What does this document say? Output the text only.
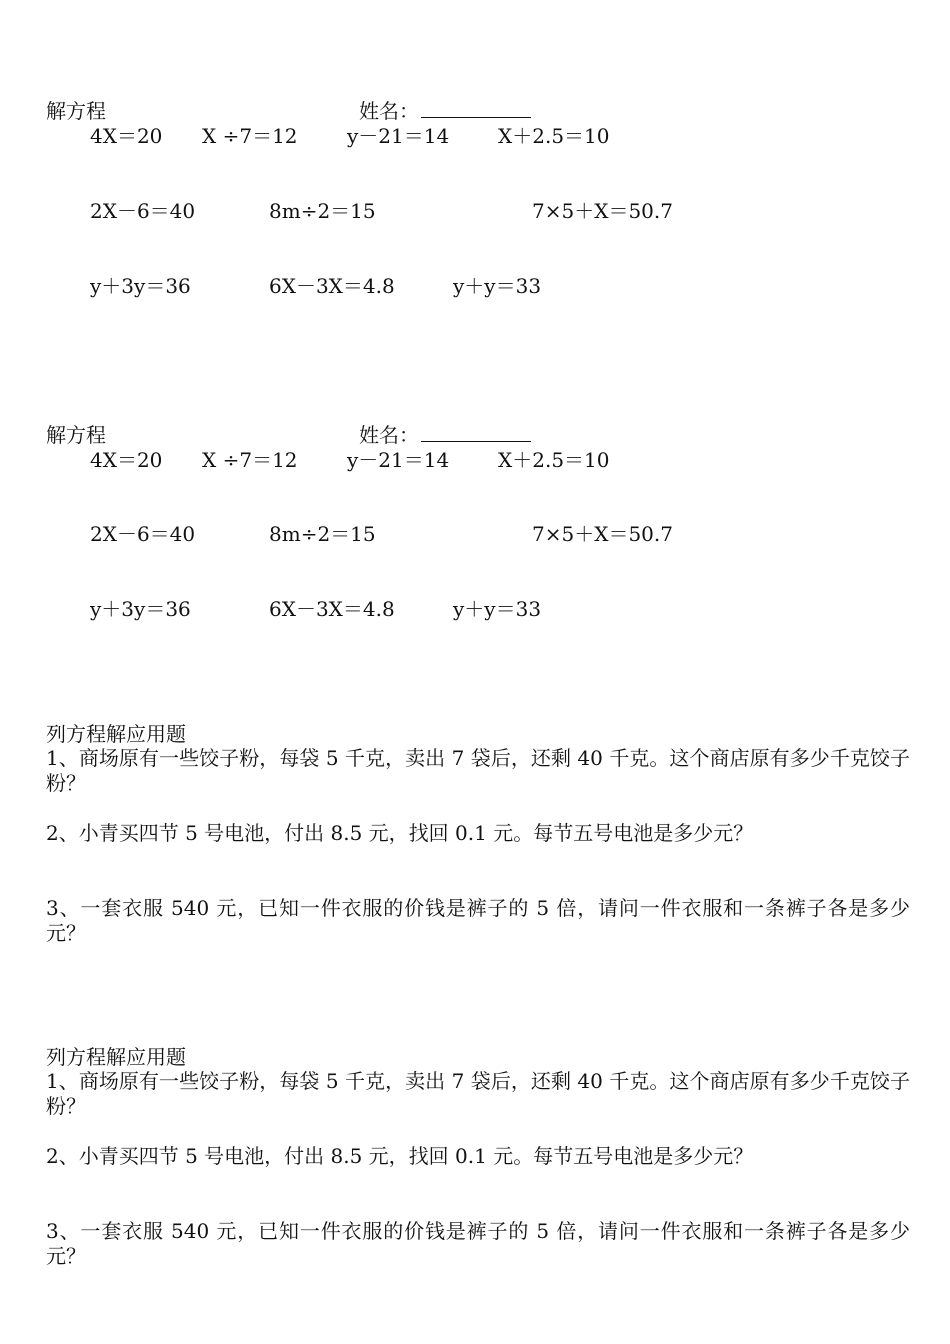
解方程	姓名：
4X＝20 X ÷7＝12 y－21＝14 X＋2.5＝10
2X－6＝40	8m÷2＝15	7×5＋X＝50.7
y＋3y＝36	6X－3X＝4.8	y＋y＝33
解方程	姓名：
4X＝20 X ÷7＝12 y－21＝14 X＋2.5＝10
2X－6＝40	8m÷2＝15	7×5＋X＝50.7
y＋3y＝36	6X－3X＝4.8	y＋y＝33
列方程解应用题
1、商场原有一些饺子粉，每袋 5 千克，卖出 7 袋后，还剩 40 千克。这个商店原有多少千克饺子粉？
2、小青买四节 5 号电池，付出 8.5 元，找回 0.1 元。每节五号电池是多少元？
3、一套衣服 540 元，已知一件衣服的价钱是裤子的 5 倍，请问一件衣服和一条裤子各是多少元？
列方程解应用题
1、商场原有一些饺子粉，每袋 5 千克，卖出 7 袋后，还剩 40 千克。这个商店原有多少千克饺子粉？
2、小青买四节 5 号电池，付出 8.5 元，找回 0.1 元。每节五号电池是多少元？
3、一套衣服 540 元，已知一件衣服的价钱是裤子的 5 倍，请问一件衣服和一条裤子各是多少元？
